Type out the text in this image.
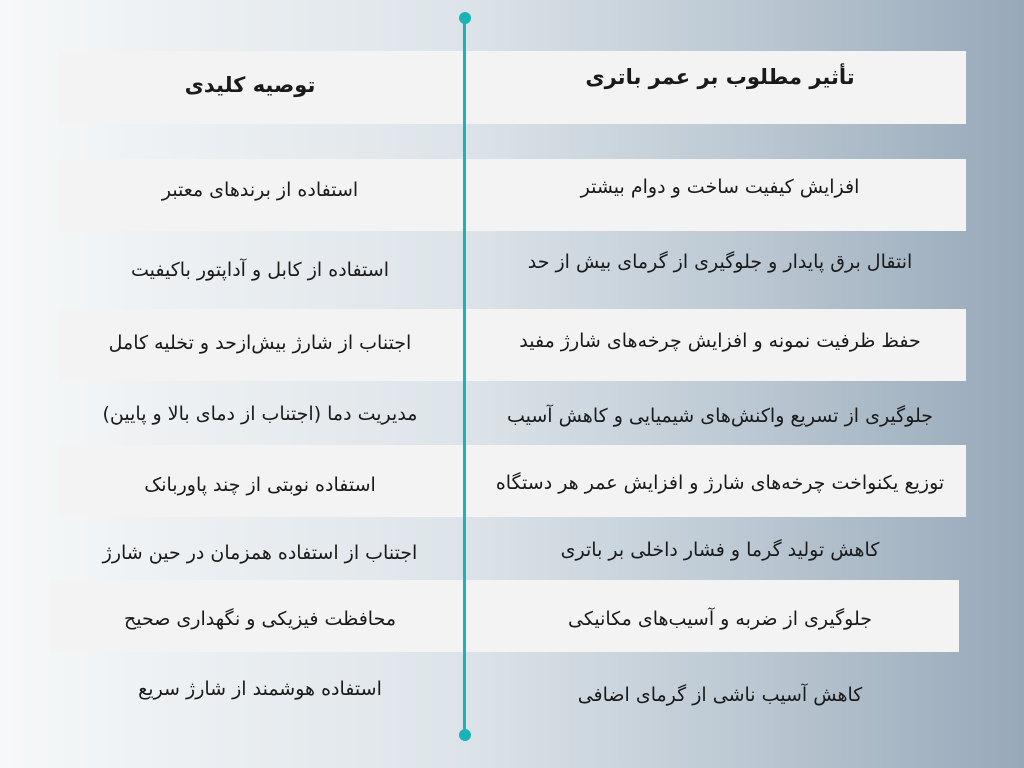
تأثیر مطلوب بر عمر باتری
توصیه کلیدی
افزایش کیفیت ساخت و دوام بیشتر
استفاده از برندهای معتبر
انتقال برق پایدار و جلوگیری از گرمای بیش از حد
استفاده از کابل و آداپتور باکیفیت
حفظ ظرفیت نمونه و افزایش چرخه‌های شارژ مفید
اجتناب از شارژ بیش‌ازحد و تخلیه کامل
جلوگیری از تسریع واکنش‌های شیمیایی و کاهش آسیب
مدیریت دما (اجتناب از دمای بالا و پایین)
توزیع یکنواخت چرخه‌های شارژ و افزایش عمر هر دستگاه
استفاده نوبتی از چند پاوربانک
کاهش تولید گرما و فشار داخلی بر باتری
اجتناب از استفاده همزمان در حین شارژ
جلوگیری از ضربه و آسیب‌های مکانیکی
محافظت فیزیکی و نگهداری صحیح
کاهش آسیب ناشی از گرمای اضافی
استفاده هوشمند از شارژ سریع
